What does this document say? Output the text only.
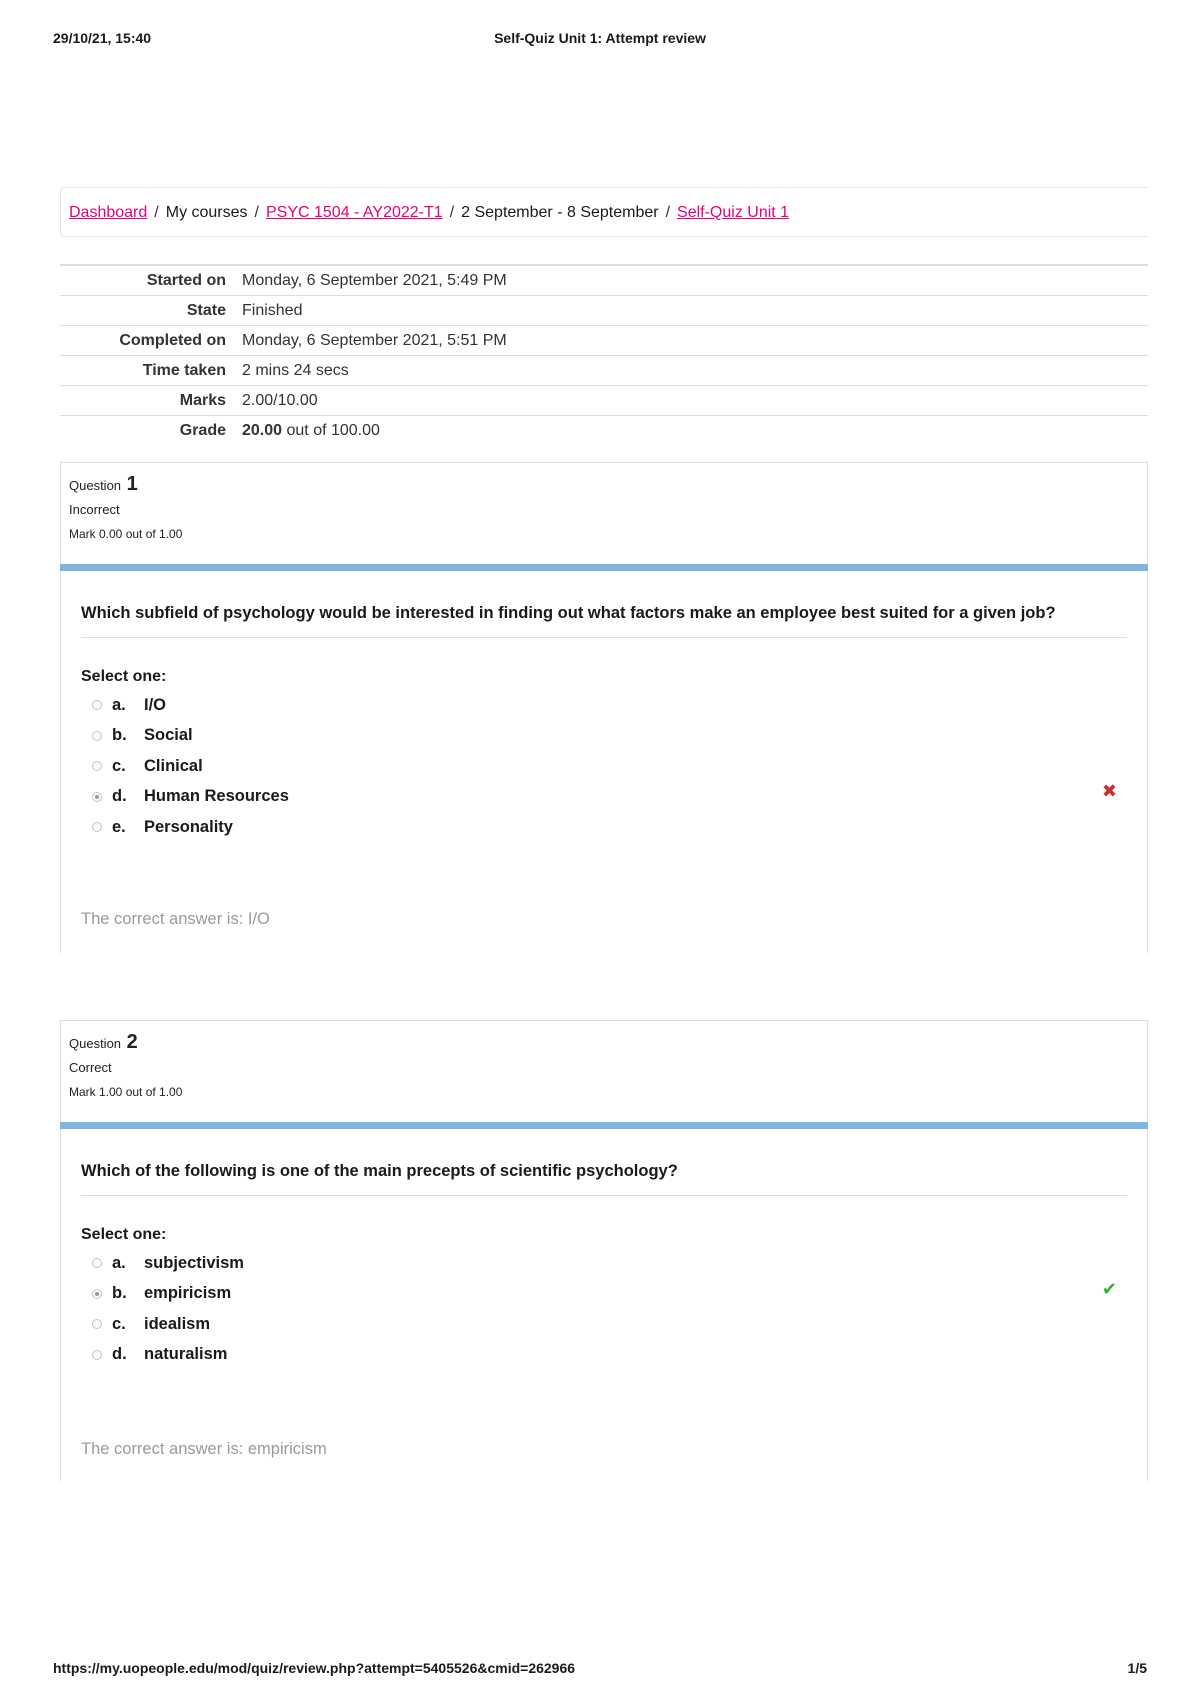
29/10/21, 15:40	Self-Quiz Unit 1: Attempt review
Dashboard / My courses / PSYC 1504 - AY2022-T1 / 2 September - 8 September / Self-Quiz Unit 1
Started on	Monday, 6 September 2021, 5:49 PM
State	Finished
Completed on	Monday, 6 September 2021, 5:51 PM
Time taken	2 mins 24 secs
Marks	2.00/10.00
Grade	20.00 out of 100.00
Question 1
Incorrect
Mark 0.00 out of 1.00

Which subfield of psychology would be interested in finding out what factors make an employee best suited for a given job?

Select one:
a.	I/O
b.	Social
c.	Clinical
d.	Human Resources
e.	Personality
✖
The correct answer is: I/O
Question 2
Correct
Mark 1.00 out of 1.00

Which of the following is one of the main precepts of scientific psychology?

Select one:
a.	subjectivism
b.	empiricism
c.	idealism
d.	naturalism
✔
The correct answer is: empiricism
https://my.uopeople.edu/mod/quiz/review.php?attempt=5405526&cmid=262966	1/5
